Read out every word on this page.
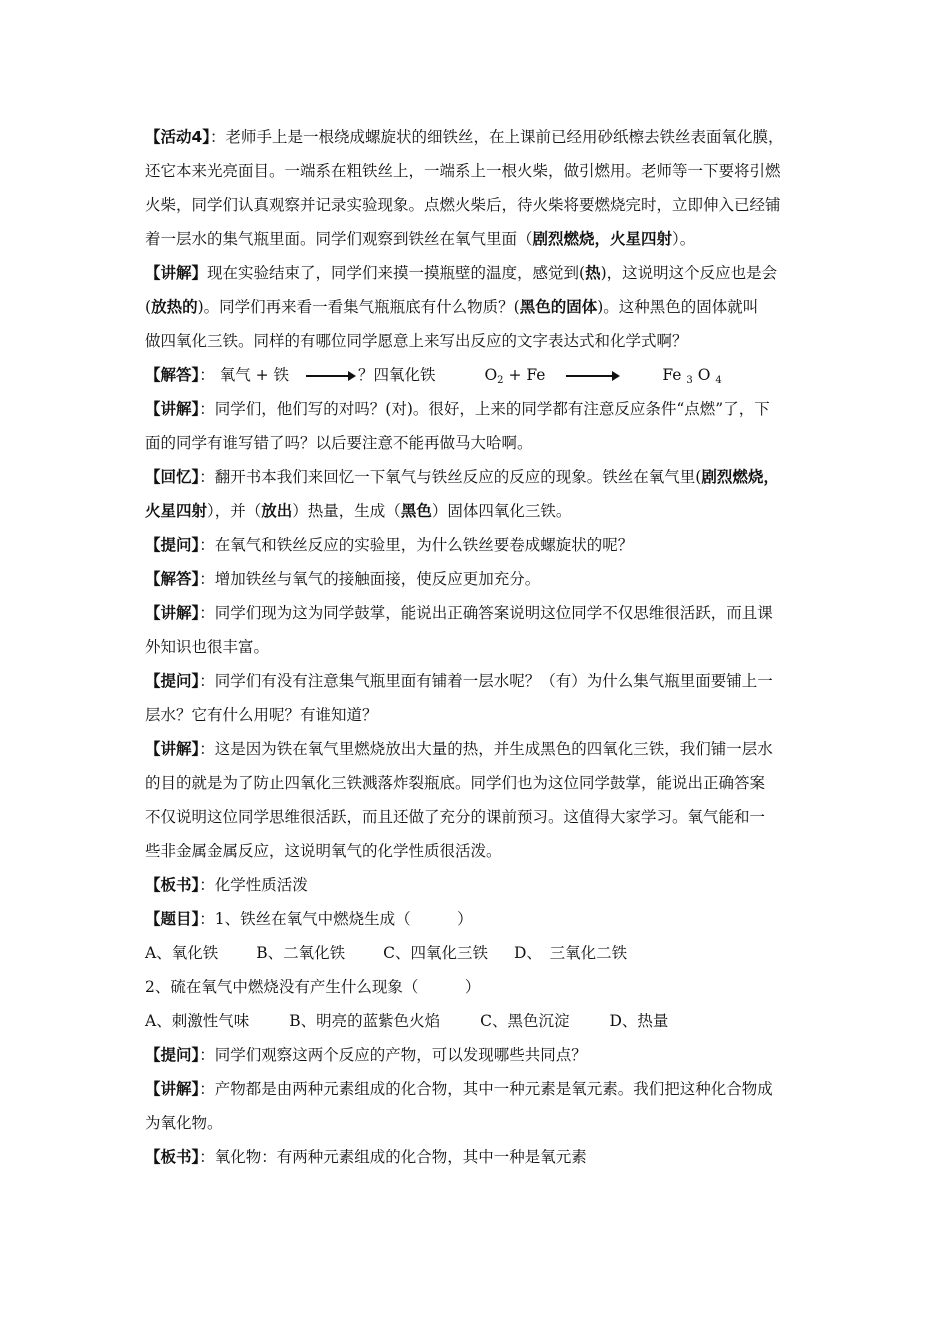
【活动4】：老师手上是一根绕成螺旋状的细铁丝，在上课前已经用砂纸檫去铁丝表面氧化膜，
还它本来光亮面目。一端系在粗铁丝上，一端系上一根火柴，做引燃用。老师等一下要将引燃
火柴，同学们认真观察并记录实验现象。点燃火柴后，待火柴将要燃烧完时，立即伸入已经铺
着一层水的集气瓶里面。同学们观察到铁丝在氧气里面（剧烈燃烧，火星四射）。
【讲解】现在实验结束了，同学们来摸一摸瓶壁的温度，感觉到(热)，这说明这个反应也是会
(放热的)。同学们再来看一看集气瓶瓶底有什么物质？(黑色的固体)。这种黑色的固体就叫
做四氧化三铁。同样的有哪位同学愿意上来写出反应的文字表达式和化学式啊？
【解答】： 氧气 + 铁 → ？四氧化铁	$O_2 + Fe$ →	Fe $_3$ O $_4$
【讲解】：同学们，他们写的对吗？(对)。很好，上来的同学都有注意反应条件“点燃”了，下
面的同学有谁写错了吗？以后要注意不能再做马大哈啊。
【回忆】：翻开书本我们来回忆一下氧气与铁丝反应的反应的现象。铁丝在氧气里(剧烈燃烧，
火星四射），并（放出）热量，生成（黑色）固体四氧化三铁。
【提问】：在氧气和铁丝反应的实验里，为什么铁丝要卷成螺旋状的呢？
【解答】：增加铁丝与氧气的接触面接，使反应更加充分。
【讲解】：同学们现为这为同学鼓掌，能说出正确答案说明这位同学不仅思维很活跃，而且课
外知识也很丰富。
【提问】：同学们有没有注意集气瓶里面有铺着一层水呢？（有）为什么集气瓶里面要铺上一
层水？它有什么用呢？有谁知道？
【讲解】：这是因为铁在氧气里燃烧放出大量的热，并生成黑色的四氧化三铁，我们铺一层水
的目的就是为了防止四氧化三铁溅落炸裂瓶底。同学们也为这位同学鼓掌，能说出正确答案
不仅说明这位同学思维很活跃，而且还做了充分的课前预习。这值得大家学习。氧气能和一
些非金属金属反应，这说明氧气的化学性质很活泼。
【板书】：化学性质活泼
【题目】：1、铁丝在氧气中燃烧生成（　　　）
A、氧化铁 B、二氧化铁 C、四氧化三铁 D、　三氧化二铁
2、硫在氧气中燃烧没有产生什么现象（　　　）
A、刺激性气味	B、明亮的蓝紫色火焰	C、黑色沉淀	D、热量
【提问】：同学们观察这两个反应的产物，可以发现哪些共同点？
【讲解】：产物都是由两种元素组成的化合物，其中一种元素是氧元素。我们把这种化合物成
为氧化物。
【板书】：氧化物：有两种元素组成的化合物，其中一种是氧元素
